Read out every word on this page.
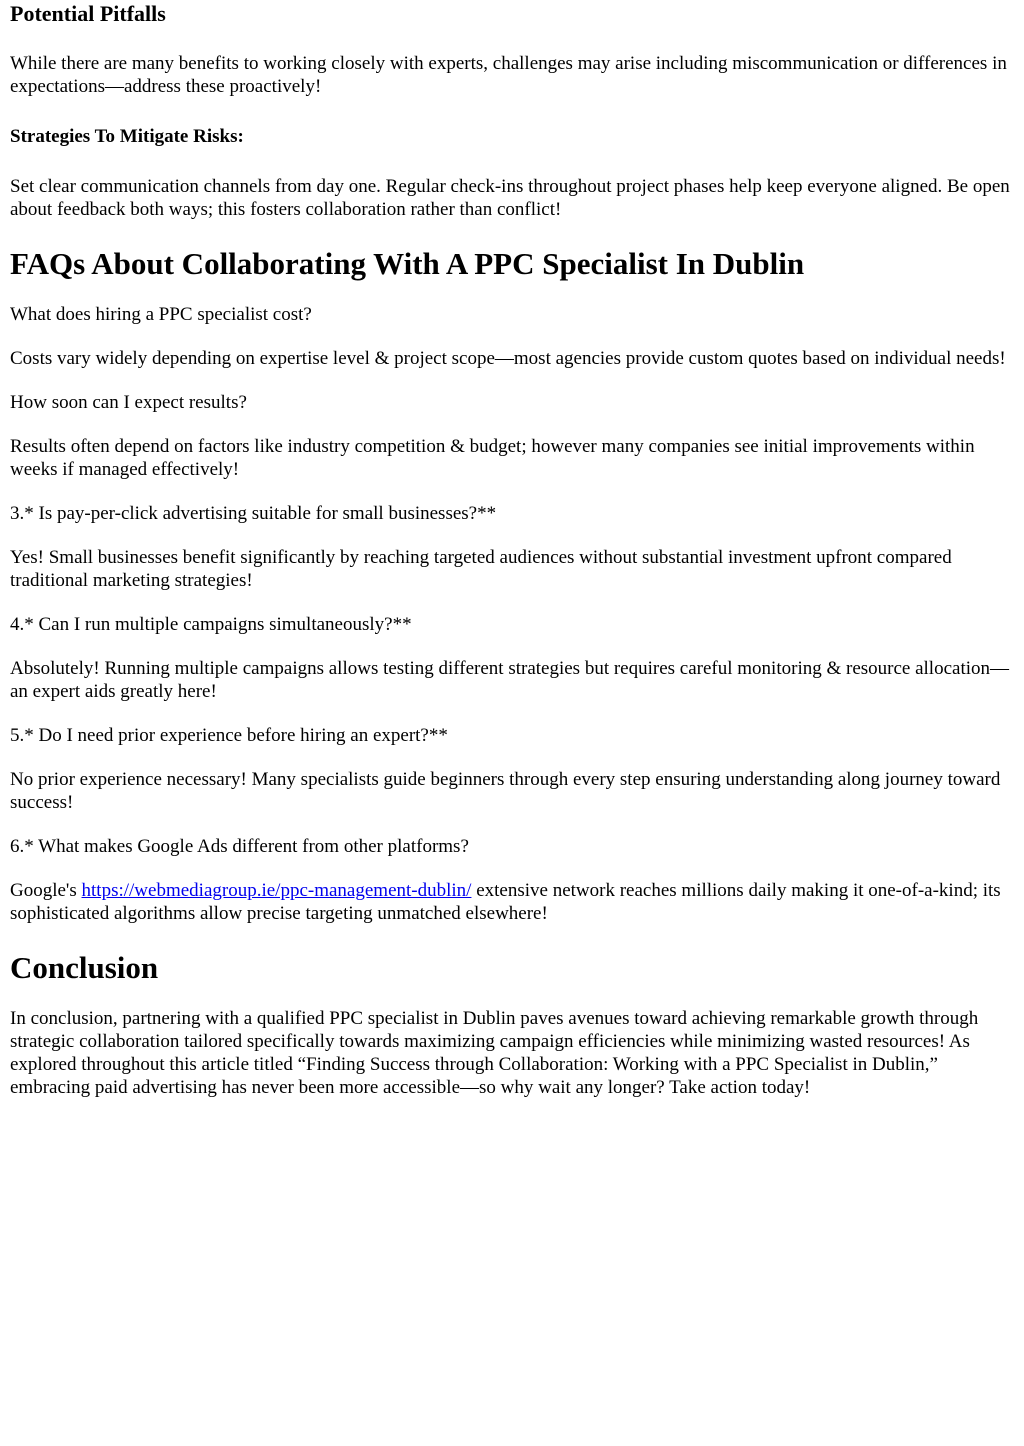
Potential Pitfalls

While there are many benefits to working closely with experts, challenges may arise including miscommunication or differences in expectations—address these proactively!

Strategies To Mitigate Risks:

Set clear communication channels from day one. Regular check-ins throughout project phases help keep everyone aligned. Be open about feedback both ways; this fosters collaboration rather than conflict!

FAQs About Collaborating With A PPC Specialist In Dublin

What does hiring a PPC specialist cost?

Costs vary widely depending on expertise level & project scope—most agencies provide custom quotes based on individual needs!

How soon can I expect results?

Results often depend on factors like industry competition & budget; however many companies see initial improvements within weeks if managed effectively!

3.* Is pay-per-click advertising suitable for small businesses?**

Yes! Small businesses benefit significantly by reaching targeted audiences without substantial investment upfront compared traditional marketing strategies!

4.* Can I run multiple campaigns simultaneously?**

Absolutely! Running multiple campaigns allows testing different strategies but requires careful monitoring & resource allocation—an expert aids greatly here!

5.* Do I need prior experience before hiring an expert?**

No prior experience necessary! Many specialists guide beginners through every step ensuring understanding along journey toward success!

6.* What makes Google Ads different from other platforms?

Google's https://webmediagroup.ie/ppc-management-dublin/ extensive network reaches millions daily making it one-of-a-kind; its sophisticated algorithms allow precise targeting unmatched elsewhere!

Conclusion

In conclusion, partnering with a qualified PPC specialist in Dublin paves avenues toward achieving remarkable growth through strategic collaboration tailored specifically towards maximizing campaign efficiencies while minimizing wasted resources! As explored throughout this article titled “Finding Success through Collaboration: Working with a PPC Specialist in Dublin,” embracing paid advertising has never been more accessible—so why wait any longer? Take action today!
